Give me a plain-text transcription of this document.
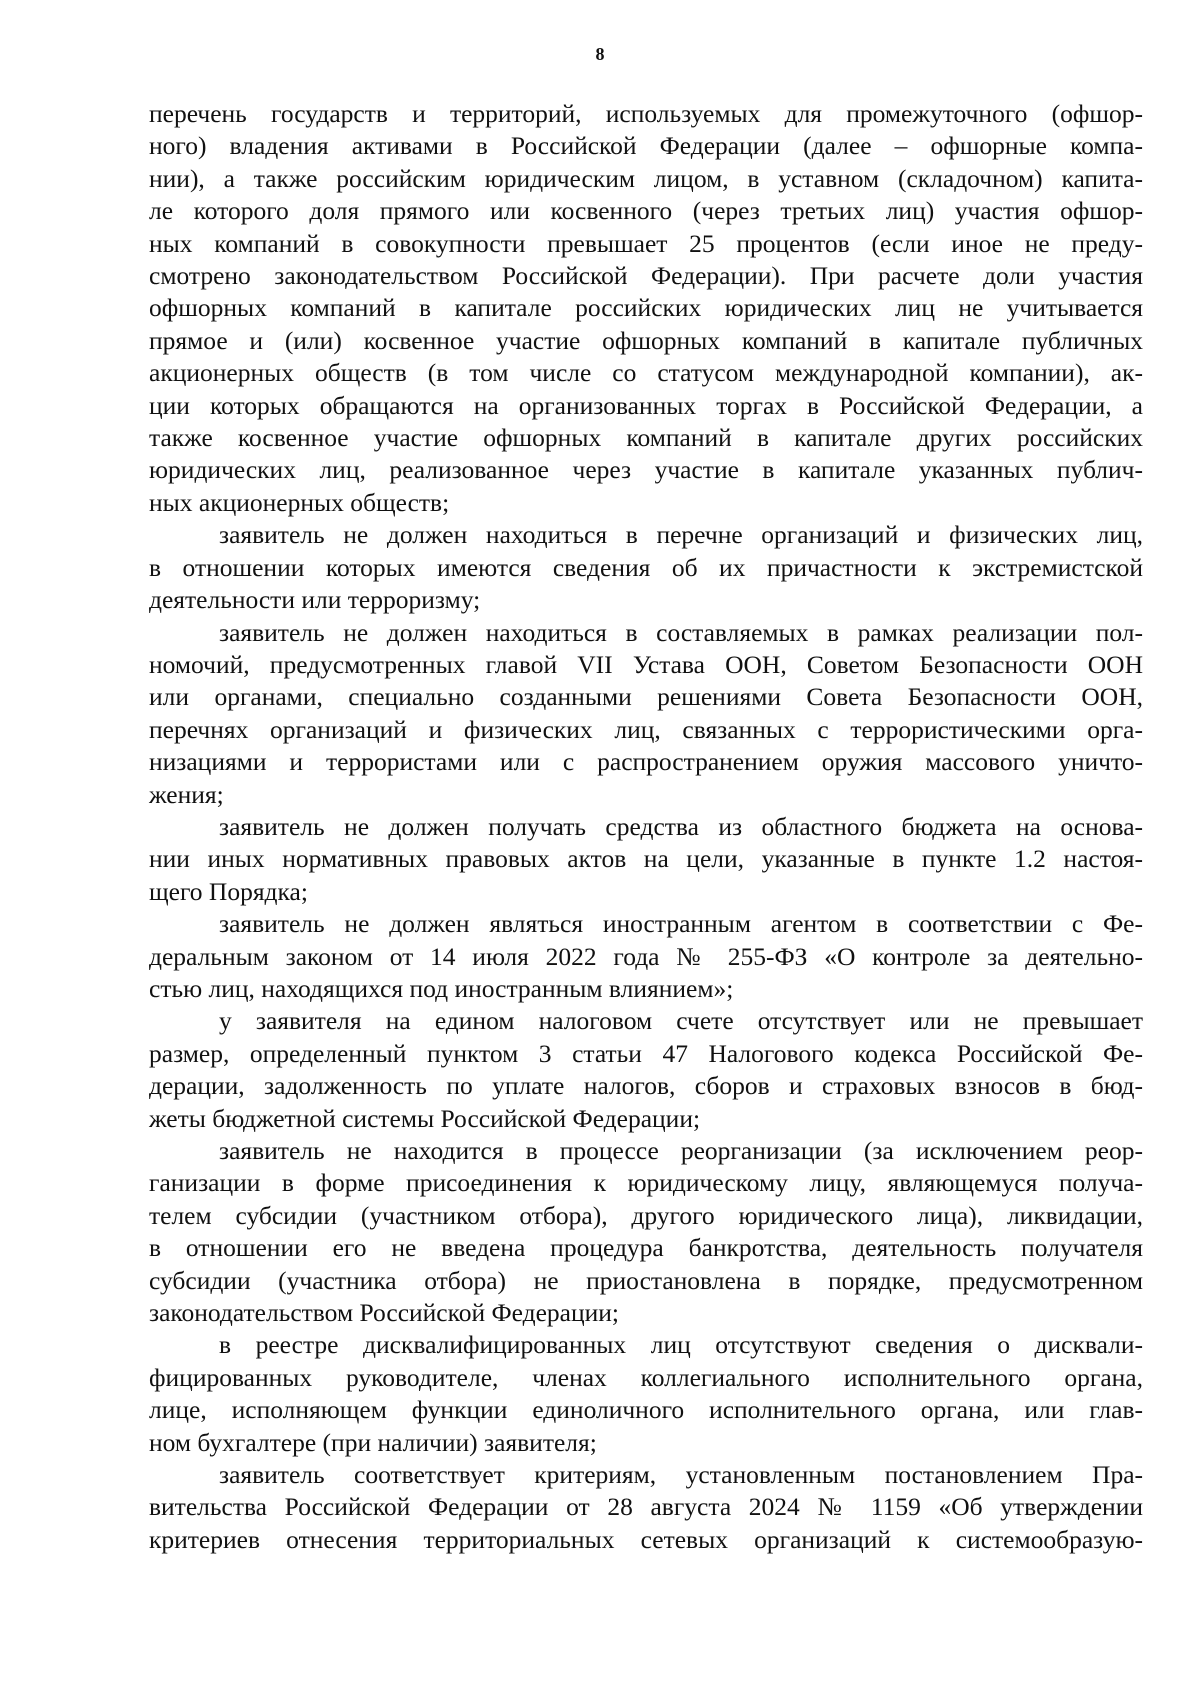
8
перечень государств и территорий, используемых для промежуточного (офшор-
ного) владения активами в Российской Федерации (далее – офшорные компа-
нии), а также российским юридическим лицом, в уставном (складочном) капита-
ле которого доля прямого или косвенного (через третьих лиц) участия офшор-
ных компаний в совокупности превышает 25 процентов (если иное не преду-
смотрено законодательством Российской Федерации). При расчете доли участия
офшорных компаний в капитале российских юридических лиц не учитывается
прямое и (или) косвенное участие офшорных компаний в капитале публичных
акционерных обществ (в том числе со статусом международной компании), ак-
ции которых обращаются на организованных торгах в Российской Федерации, а
также косвенное участие офшорных компаний в капитале других российских
юридических лиц, реализованное через участие в капитале указанных публич-
ных акционерных обществ;
заявитель не должен находиться в перечне организаций и физических лиц,
в отношении которых имеются сведения об их причастности к экстремистской
деятельности или терроризму;
заявитель не должен находиться в составляемых в рамках реализации пол-
номочий, предусмотренных главой VII Устава ООН, Советом Безопасности ООН
или органами, специально созданными решениями Совета Безопасности ООН,
перечнях организаций и физических лиц, связанных с террористическими орга-
низациями и террористами или с распространением оружия массового уничто-
жения;
заявитель не должен получать средства из областного бюджета на основа-
нии иных нормативных правовых актов на цели, указанные в пункте 1.2 настоя-
щего Порядка;
заявитель не должен являться иностранным агентом в соответствии с Фе-
деральным законом от 14 июля 2022 года № 255-ФЗ «О контроле за деятельно-
стью лиц, находящихся под иностранным влиянием»;
у заявителя на едином налоговом счете отсутствует или не превышает
размер, определенный пунктом 3 статьи 47 Налогового кодекса Российской Фе-
дерации, задолженность по уплате налогов, сборов и страховых взносов в бюд-
жеты бюджетной системы Российской Федерации;
заявитель не находится в процессе реорганизации (за исключением реор-
ганизации в форме присоединения к юридическому лицу, являющемуся получа-
телем субсидии (участником отбора), другого юридического лица), ликвидации,
в отношении его не введена процедура банкротства, деятельность получателя
субсидии (участника отбора) не приостановлена в порядке, предусмотренном
законодательством Российской Федерации;
в реестре дисквалифицированных лиц отсутствуют сведения о дисквали-
фицированных руководителе, членах коллегиального исполнительного органа,
лице, исполняющем функции единоличного исполнительного органа, или глав-
ном бухгалтере (при наличии) заявителя;
заявитель соответствует критериям, установленным постановлением Пра-
вительства Российской Федерации от 28 августа 2024 № 1159 «Об утверждении
критериев отнесения территориальных сетевых организаций к системообразую-
